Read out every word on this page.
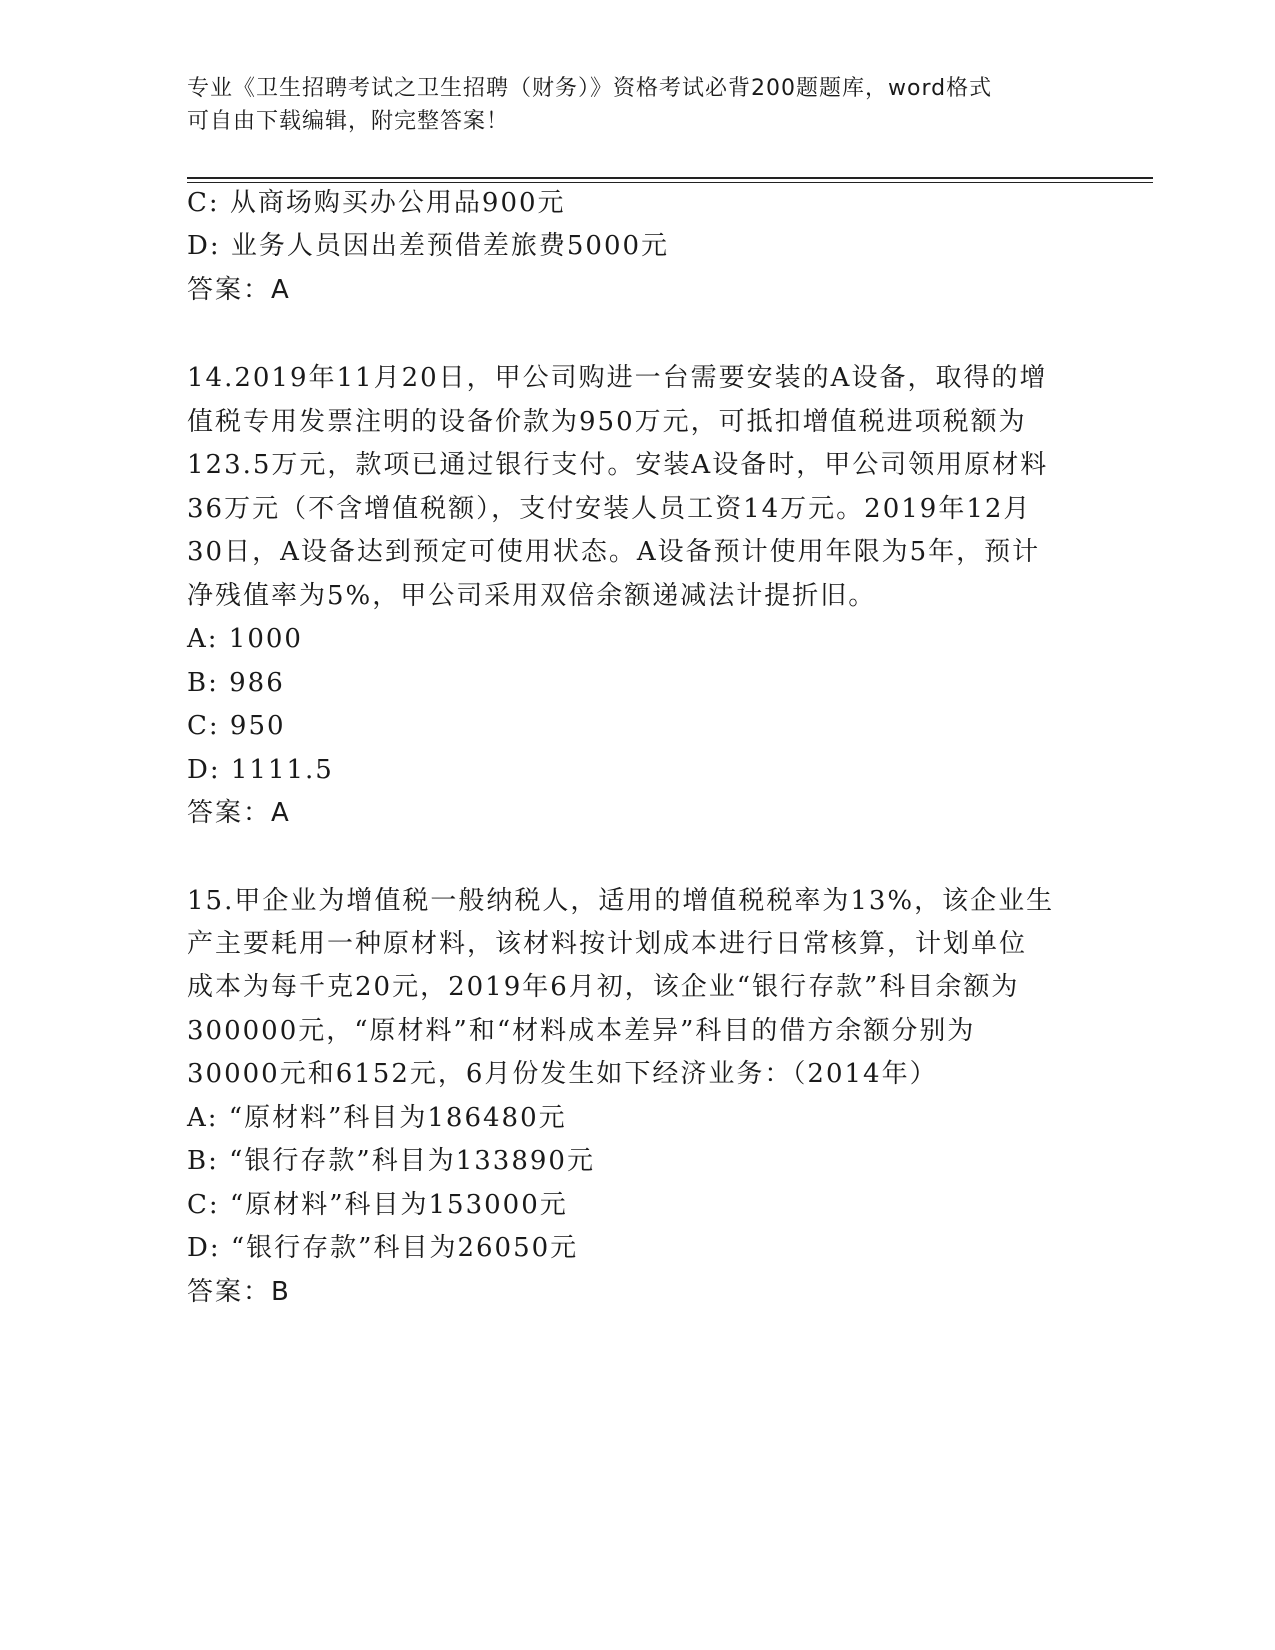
专业《卫生招聘考试之卫生招聘（财务）》资格考试必背200题题库，word格式
可自由下载编辑，附完整答案！
C: 从商场购买办公用品900元
D: 业务人员因出差预借差旅费5000元
答案：A
14.2019年11月20日，甲公司购进一台需要安装的A设备，取得的增
值税专用发票注明的设备价款为950万元，可抵扣增值税进项税额为
123.5万元，款项已通过银行支付。安装A设备时，甲公司领用原材料
36万元（不含增值税额），支付安装人员工资14万元。2019年12月
30日，A设备达到预定可使用状态。A设备预计使用年限为5年，预计
净残值率为5%，甲公司采用双倍余额递减法计提折旧。
A: 1000
B: 986
C: 950
D: 1111.5
答案：A
15.甲企业为增值税一般纳税人，适用的增值税税率为13%，该企业生
产主要耗用一种原材料，该材料按计划成本进行日常核算，计划单位
成本为每千克20元，2019年6月初，该企业“银行存款”科目余额为
300000元，“原材料”和“材料成本差异”科目的借方余额分别为
30000元和6152元，6月份发生如下经济业务：（2014年）
A: “原材料”科目为186480元
B: “银行存款”科目为133890元
C: “原材料”科目为153000元
D: “银行存款”科目为26050元
答案：B
